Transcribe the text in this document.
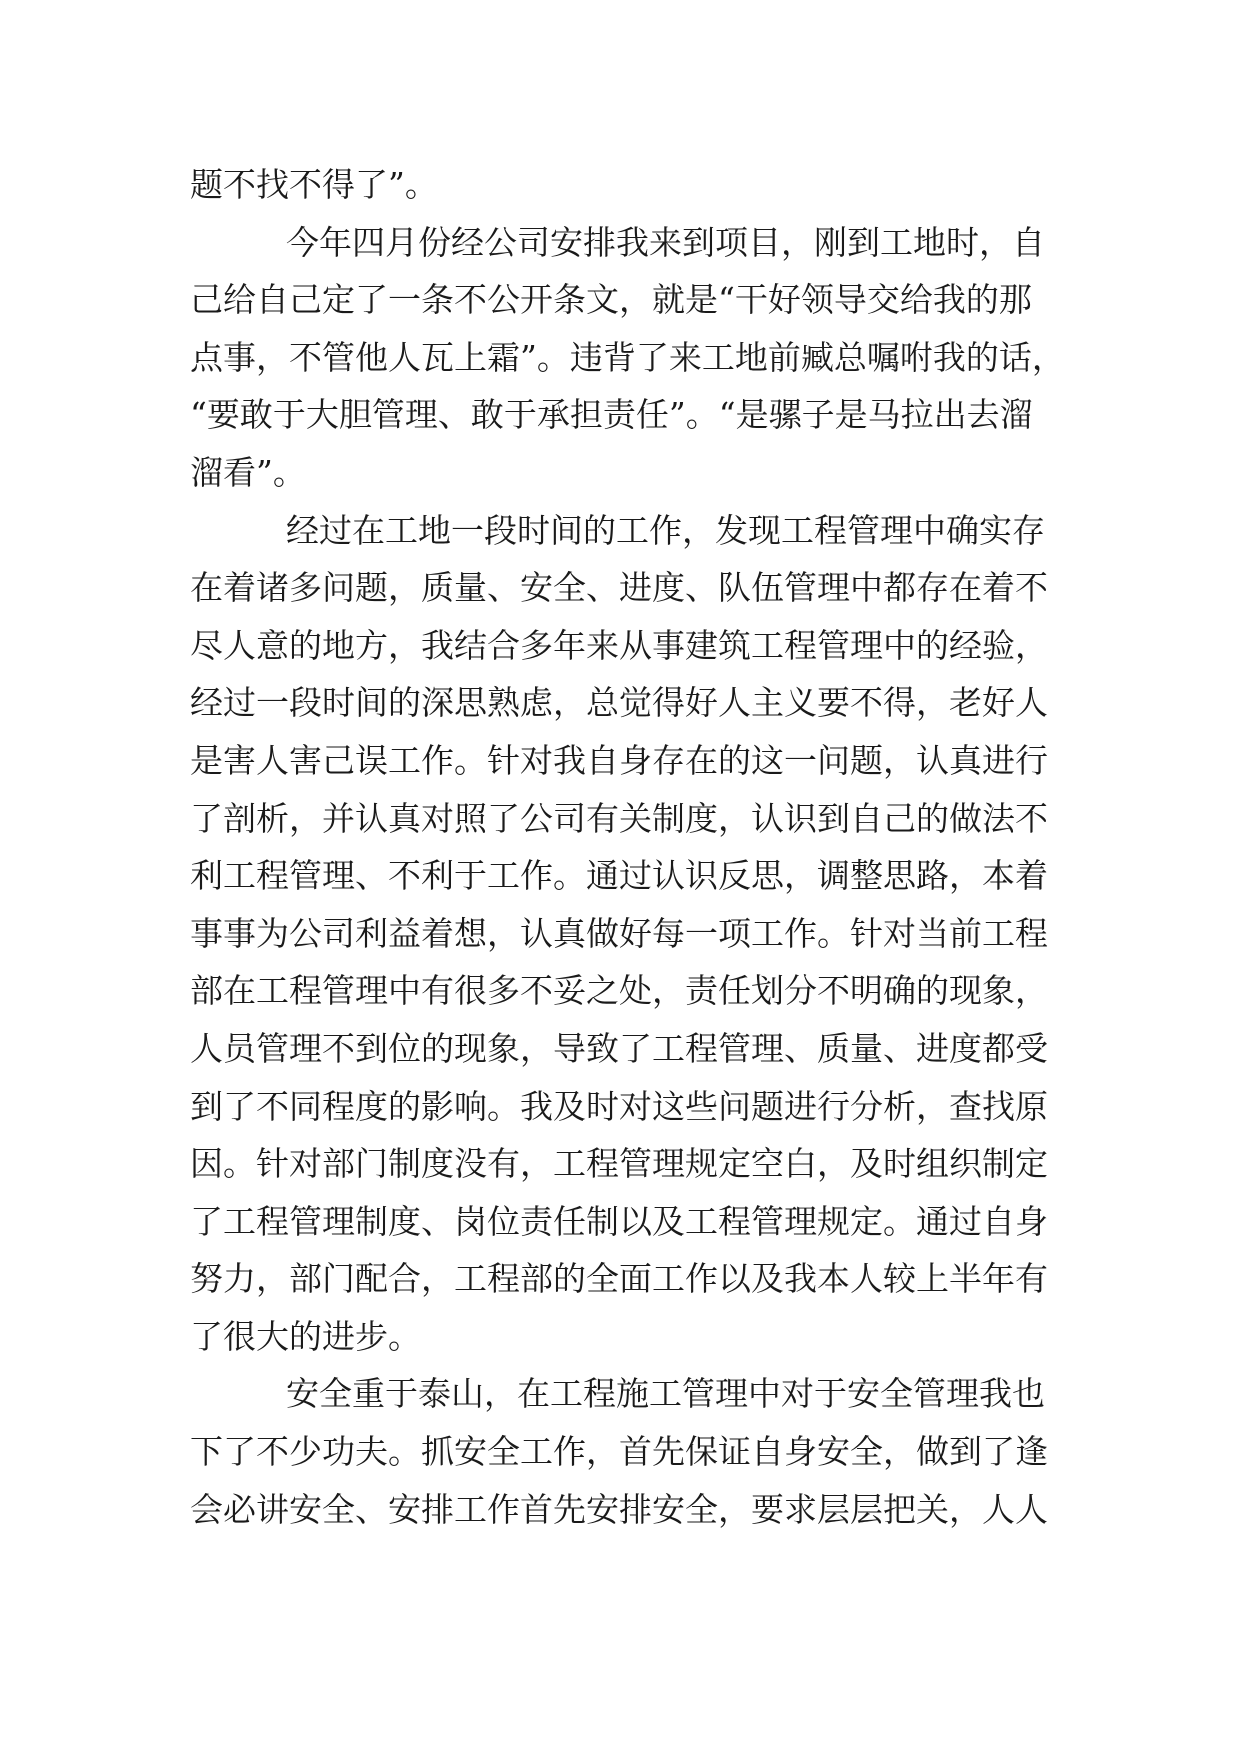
题不找不得了”。
今年四月份经公司安排我来到项目，刚到工地时，自
己给自己定了一条不公开条文，就是“干好领导交给我的那
点事，不管他人瓦上霜”。违背了来工地前臧总嘱咐我的话，
“要敢于大胆管理、敢于承担责任”。“是骡子是马拉出去溜
溜看”。
经过在工地一段时间的工作，发现工程管理中确实存
在着诸多问题，质量、安全、进度、队伍管理中都存在着不
尽人意的地方，我结合多年来从事建筑工程管理中的经验，
经过一段时间的深思熟虑，总觉得好人主义要不得，老好人
是害人害己误工作。针对我自身存在的这一问题，认真进行
了剖析，并认真对照了公司有关制度，认识到自己的做法不
利工程管理、不利于工作。通过认识反思，调整思路，本着
事事为公司利益着想，认真做好每一项工作。针对当前工程
部在工程管理中有很多不妥之处，责任划分不明确的现象，
人员管理不到位的现象，导致了工程管理、质量、进度都受
到了不同程度的影响。我及时对这些问题进行分析，查找原
因。针对部门制度没有，工程管理规定空白，及时组织制定
了工程管理制度、岗位责任制以及工程管理规定。通过自身
努力，部门配合，工程部的全面工作以及我本人较上半年有
了很大的进步。
安全重于泰山，在工程施工管理中对于安全管理我也
下了不少功夫。抓安全工作，首先保证自身安全，做到了逢
会必讲安全、安排工作首先安排安全，要求层层把关，人人
